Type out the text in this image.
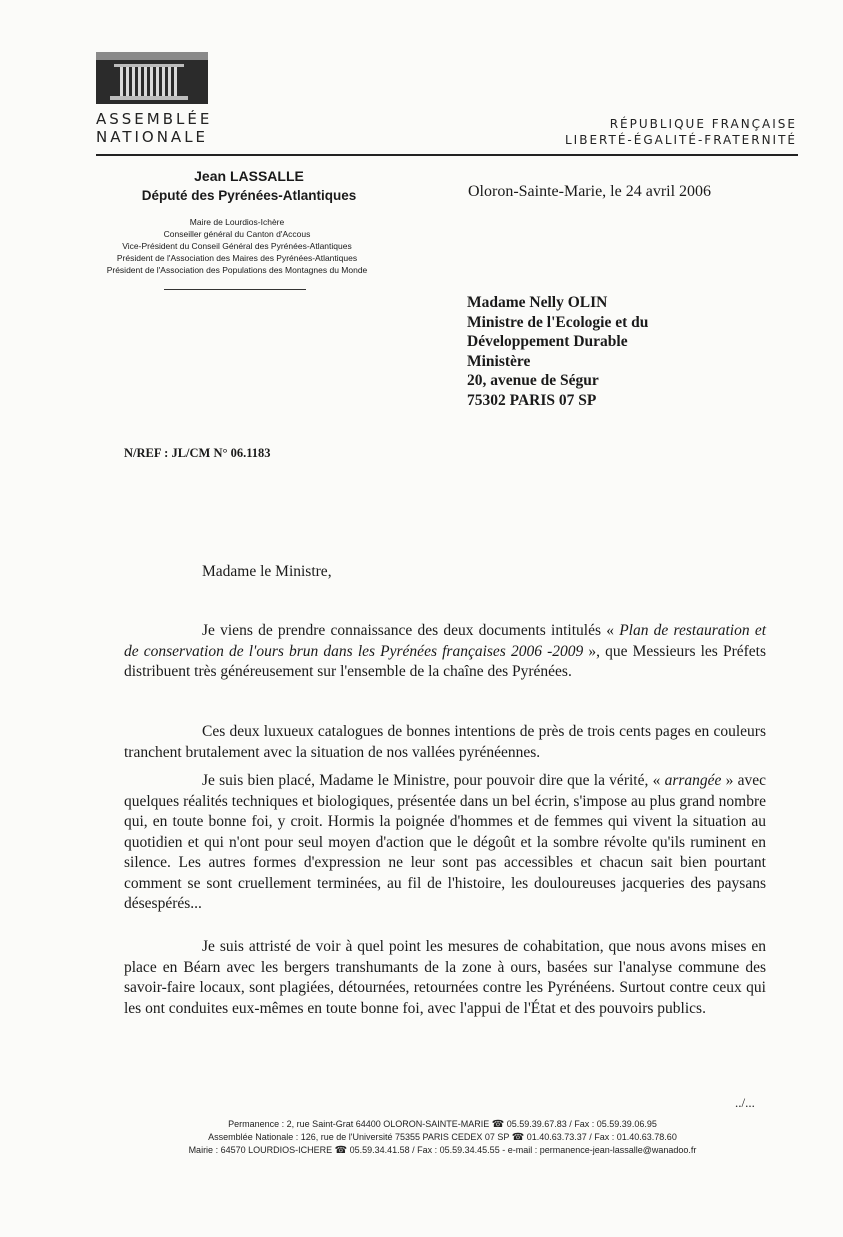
ASSEMBLÉE
NATIONALE
RÉPUBLIQUE FRANÇAISE
LIBERTÉ-ÉGALITÉ-FRATERNITÉ
Jean LASSALLE
Député des Pyrénées-Atlantiques
Maire de Lourdios-Ichère
Conseiller général du Canton d'Accous
Vice-Président du Conseil Général des Pyrénées-Atlantiques
Président de l'Association des Maires des Pyrénées-Atlantiques
Président de l'Association des Populations des Montagnes du Monde
Oloron-Sainte-Marie, le 24 avril 2006
Madame Nelly OLIN
Ministre de l'Ecologie et du
Développement Durable
Ministère
20, avenue de Ségur
75302 PARIS 07 SP
N/REF : JL/CM N° 06.1183
Madame le Ministre,

Je viens de prendre connaissance des deux documents intitulés « Plan de restauration et de conservation de l'ours brun dans les Pyrénées françaises 2006 -2009 », que Messieurs les Préfets distribuent très généreusement sur l'ensemble de la chaîne des Pyrénées.

Ces deux luxueux catalogues de bonnes intentions de près de trois cents pages en couleurs tranchent brutalement avec la situation de nos vallées pyrénéennes.

Je suis bien placé, Madame le Ministre, pour pouvoir dire que la vérité, « arrangée » avec quelques réalités techniques et biologiques, présentée dans un bel écrin, s'impose au plus grand nombre qui, en toute bonne foi, y croit. Hormis la poignée d'hommes et de femmes qui vivent la situation au quotidien et qui n'ont pour seul moyen d'action que le dégoût et la sombre révolte qu'ils ruminent en silence. Les autres formes d'expression ne leur sont pas accessibles et chacun sait bien pourtant comment se sont cruellement terminées, au fil de l'histoire, les douloureuses jacqueries des paysans désespérés...

Je suis attristé de voir à quel point les mesures de cohabitation, que nous avons mises en place en Béarn avec les bergers transhumants de la zone à ours, basées sur l'analyse commune des savoir-faire locaux, sont plagiées, détournées, retournées contre les Pyrénéens. Surtout contre ceux qui les ont conduites eux-mêmes en toute bonne foi, avec l'appui de l'État et des pouvoirs publics.

../...
Permanence : 2, rue Saint-Grat 64400 OLORON-SAINTE-MARIE ☎ 05.59.39.67.83 / Fax : 05.59.39.06.95
Assemblée Nationale : 126, rue de l'Université 75355 PARIS CEDEX 07 SP ☎ 01.40.63.73.37 / Fax : 01.40.63.78.60
Mairie : 64570 LOURDIOS-ICHERE ☎ 05.59.34.41.58 / Fax : 05.59.34.45.55 - e-mail : permanence-jean-lassalle@wanadoo.fr
